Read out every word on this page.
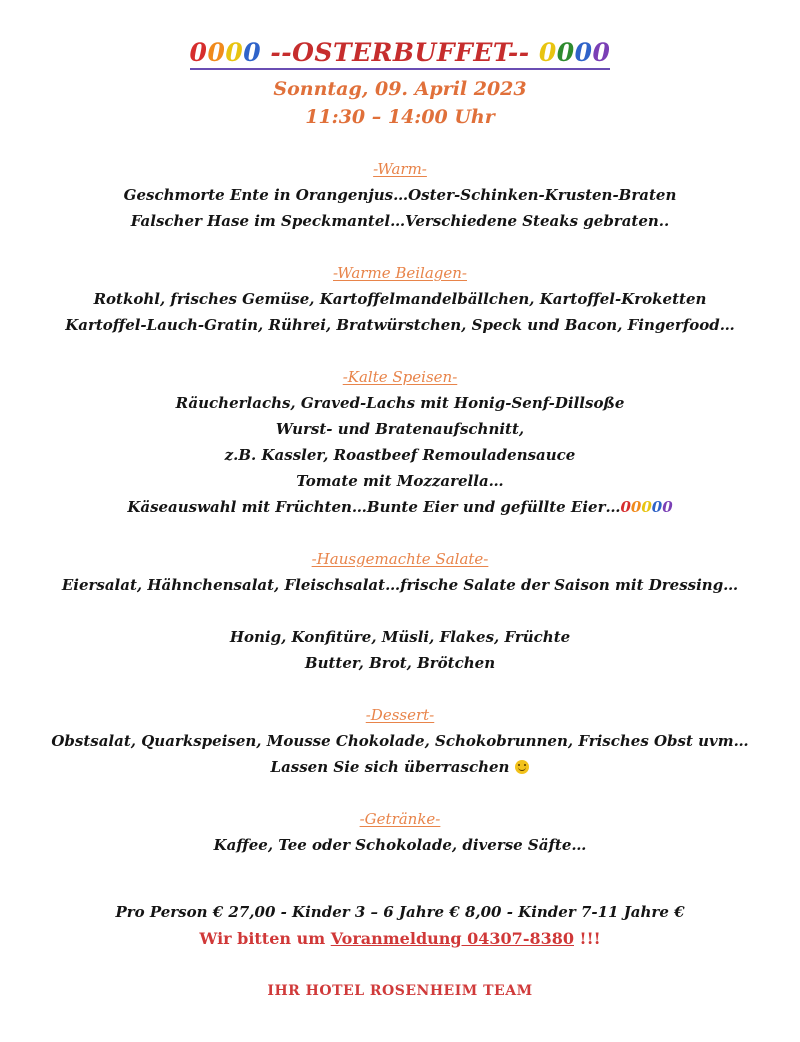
0000 --OSTERBUFFET-- 0000
Sonntag, 09. April 2023
11:30 – 14:00 Uhr
-Warm-
Geschmorte Ente in Orangenjus…Oster-Schinken-Krusten-Braten
Falscher Hase im Speckmantel…Verschiedene Steaks gebraten..
-Warme Beilagen-
Rotkohl, frisches Gemüse, Kartoffelmandelbällchen, Kartoffel-Kroketten
Kartoffel-Lauch-Gratin, Rührei, Bratwürstchen, Speck und Bacon, Fingerfood…
-Kalte Speisen-
Räucherlachs, Graved-Lachs mit Honig-Senf-Dillsoße
Wurst- und Bratenaufschnitt,
z.B. Kassler, Roastbeef Remouladensauce
Tomate mit Mozzarella…
Käseauswahl mit Früchten…Bunte Eier und gefüllte Eier…00000
-Hausgemachte Salate-
Eiersalat, Hähnchensalat, Fleischsalat…frische Salate der Saison mit Dressing…
Honig, Konfitüre, Müsli, Flakes, Früchte
Butter, Brot, Brötchen
-Dessert-
Obstsalat, Quarkspeisen, Mousse Chokolade, Schokobrunnen, Frisches Obst uvm…
Lassen Sie sich überraschen
-Getränke-
Kaffee, Tee oder Schokolade, diverse Säfte…
Pro Person € 27,00 - Kinder 3 – 6 Jahre € 8,00 - Kinder 7-11 Jahre €
Wir bitten um Voranmeldung 04307-8380 !!!
IHR HOTEL ROSENHEIM TEAM
